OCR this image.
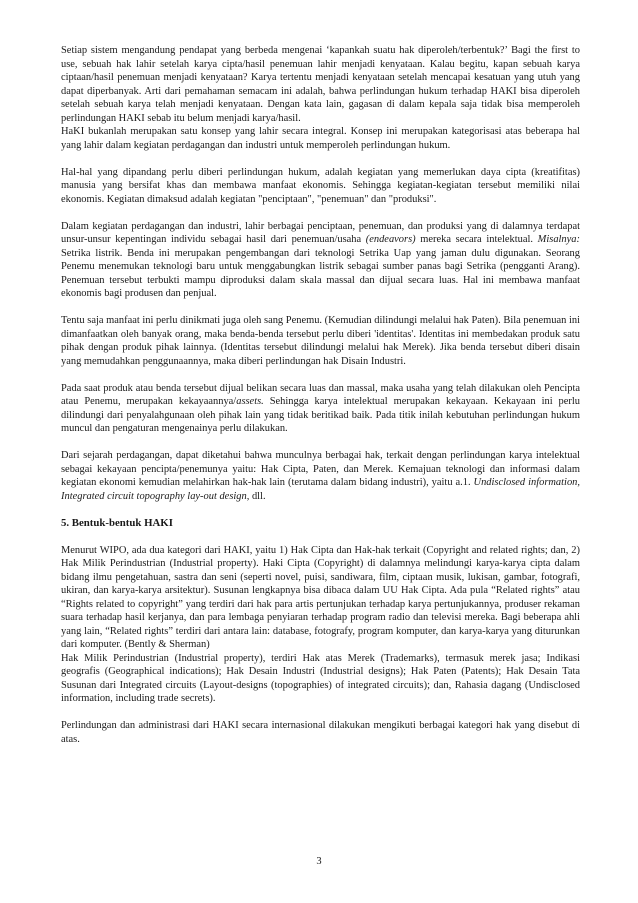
Setiap sistem mengandung pendapat yang berbeda mengenai ‘kapankah suatu hak diperoleh/terbentuk?’ Bagi the first to use, sebuah hak lahir setelah karya cipta/hasil penemuan lahir menjadi kenyataan. Kalau begitu, kapan sebuah karya ciptaan/hasil penemuan menjadi kenyataan? Karya tertentu menjadi kenyataan setelah mencapai kesatuan yang utuh yang dapat diperbanyak. Arti dari pemahaman semacam ini adalah, bahwa perlindungan hukum terhadap HAKI bisa diperoleh setelah sebuah karya telah menjadi kenyataan. Dengan kata lain, gagasan di dalam kepala saja tidak bisa memperoleh perlindungan HAKI sebab itu belum menjadi karya/hasil.

HaKI bukanlah merupakan satu konsep yang lahir secara integral. Konsep ini merupakan kategorisasi atas beberapa hal yang lahir dalam kegiatan perdagangan dan industri untuk memperoleh perlindungan hukum.

Hal-hal yang dipandang perlu diberi perlindungan hukum, adalah kegiatan yang memerlukan daya cipta (kreatifitas) manusia yang bersifat khas dan membawa manfaat ekonomis. Sehingga kegiatan-kegiatan tersebut memiliki nilai ekonomis. Kegiatan dimaksud adalah kegiatan "penciptaan", "penemuan" dan "produksi".

Dalam kegiatan perdagangan dan industri, lahir berbagai penciptaan, penemuan, dan produksi yang di dalamnya terdapat unsur-unsur kepentingan individu sebagai hasil dari penemuan/usaha (endeavors) mereka secara intelektual. Misalnya: Setrika listrik. Benda ini merupakan pengembangan dari teknologi Setrika Uap yang jaman dulu digunakan. Seorang Penemu menemukan teknologi baru untuk menggabungkan listrik sebagai sumber panas bagi Setrika (pengganti Arang). Penemuan tersebut terbukti mampu diproduksi dalam skala massal dan dijual secara luas. Hal ini membawa manfaat ekonomis bagi produsen dan penjual.

Tentu saja manfaat ini perlu dinikmati juga oleh sang Penemu. (Kemudian dilindungi melalui hak Paten). Bila penemuan ini dimanfaatkan oleh banyak orang, maka benda-benda tersebut perlu diberi 'identitas'. Identitas ini membedakan produk satu pihak dengan produk pihak lainnya. (Identitas tersebut dilindungi melalui hak Merek). Jika benda tersebut diberi disain yang memudahkan penggunaannya, maka diberi perlindungan hak Disain Industri.

Pada saat produk atau benda tersebut dijual belikan secara luas dan massal, maka usaha yang telah dilakukan oleh Pencipta atau Penemu, merupakan kekayaannya/assets. Sehingga karya intelektual merupakan kekayaan. Kekayaan ini perlu dilindungi dari penyalahgunaan oleh pihak lain yang tidak beritikad baik. Pada titik inilah kebutuhan perlindungan hukum muncul dan pengaturan mengenainya perlu dilakukan.

Dari sejarah perdagangan, dapat diketahui bahwa munculnya berbagai hak, terkait dengan perlindungan karya intelektual sebagai kekayaan pencipta/penemunya yaitu: Hak Cipta, Paten, dan Merek. Kemajuan teknologi dan informasi dalam kegiatan ekonomi kemudian melahirkan hak-hak lain (terutama dalam bidang industri), yaitu a.1. Undisclosed information, Integrated circuit topography lay-out design, dll.

5. Bentuk-bentuk HAKI

Menurut WIPO, ada dua kategori dari HAKI, yaitu 1) Hak Cipta dan Hak-hak terkait (Copyright and related rights; dan, 2) Hak Milik Perindustrian (Industrial property). Haki Cipta (Copyright) di dalamnya melindungi karya-karya cipta dalam bidang ilmu pengetahuan, sastra dan seni (seperti novel, puisi, sandiwara, film, ciptaan musik, lukisan, gambar, fotografi, ukiran, dan karya-karya arsitektur). Susunan lengkapnya bisa dibaca dalam UU Hak Cipta. Ada pula “Related rights” atau “Rights related to copyright” yang terdiri dari hak para artis pertunjukan terhadap karya pertunjukannya, produser rekaman suara terhadap hasil kerjanya, dan para lembaga penyiaran terhadap program radio dan televisi mereka. Bagi beberapa ahli yang lain, “Related rights” terdiri dari antara lain: database, fotografy, program komputer, dan karya-karya yang diturunkan dari komputer. (Bently & Sherman)

Hak Milik Perindustrian (Industrial property), terdiri Hak atas Merek (Trademarks), termasuk merek jasa; Indikasi geografis (Geographical indications); Hak Desain Industri (Industrial designs); Hak Paten (Patents); Hak Desain Tata Susunan dari Integrated circuits (Layout-designs (topographies) of integrated circuits); dan, Rahasia dagang (Undisclosed information, including trade secrets).

Perlindungan dan administrasi dari HAKI secara internasional dilakukan mengikuti berbagai kategori hak yang disebut di atas.

3
